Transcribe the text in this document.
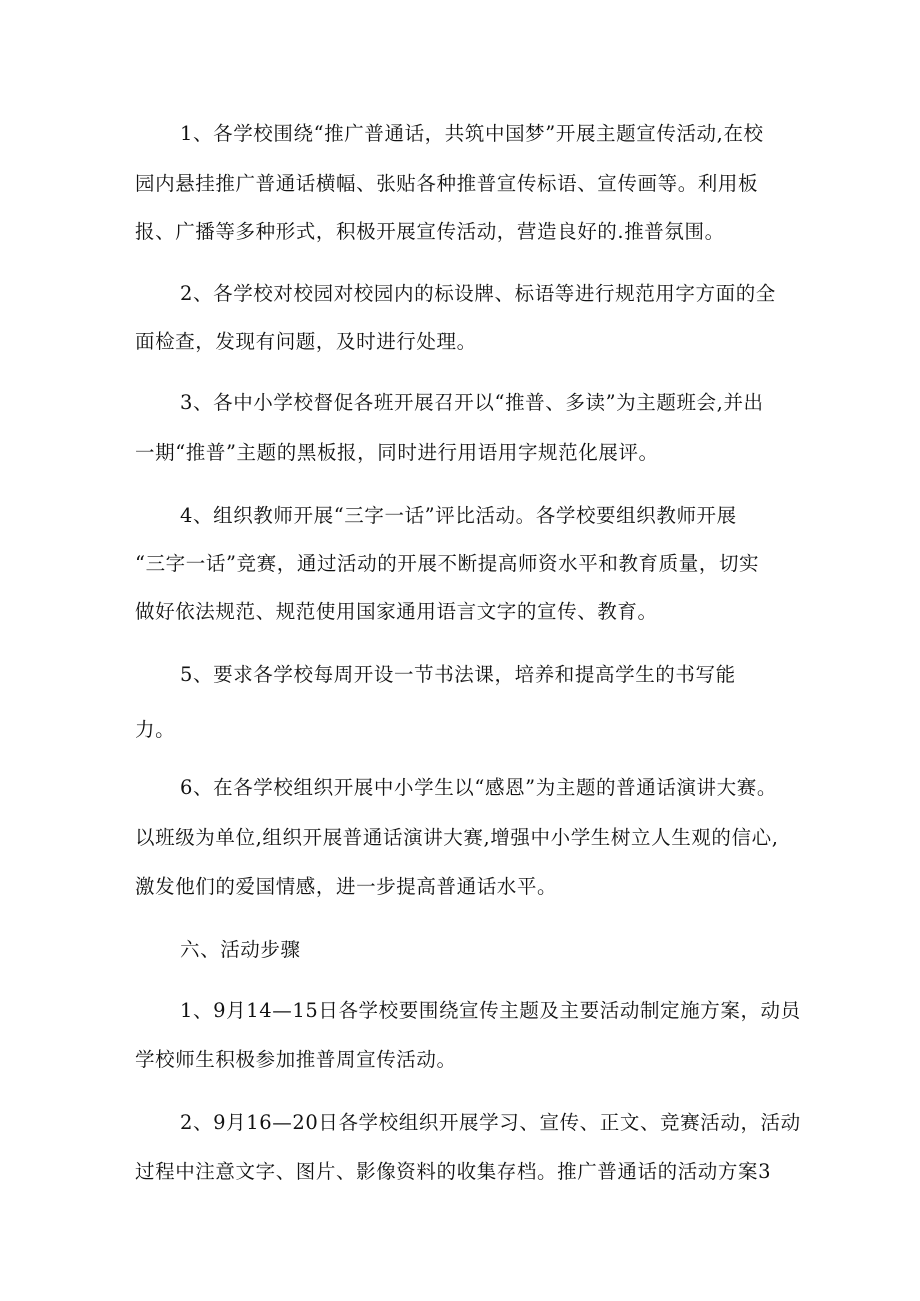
1、各学校围绕“推广普通话，共筑中国梦”开展主题宣传活动,在校
园内悬挂推广普通话横幅、张贴各种推普宣传标语、宣传画等。利用板
报、广播等多种形式，积极开展宣传活动，营造良好的.推普氛围。
2、各学校对校园对校园内的标设牌、标语等进行规范用字方面的全
面检查，发现有问题，及时进行处理。
3、各中小学校督促各班开展召开以“推普、多读”为主题班会,并出
一期“推普”主题的黑板报，同时进行用语用字规范化展评。
4、组织教师开展“三字一话”评比活动。各学校要组织教师开展
“三字一话”竞赛，通过活动的开展不断提高师资水平和教育质量，切实
做好依法规范、规范使用国家通用语言文字的宣传、教育。
5、要求各学校每周开设一节书法课，培养和提高学生的书写能
力。
6、在各学校组织开展中小学生以“感恩”为主题的普通话演讲大赛。
以班级为单位,组织开展普通话演讲大赛,增强中小学生树立人生观的信心,
激发他们的爱国情感，进一步提高普通话水平。
六、活动步骤
1、9月14—15日各学校要围绕宣传主题及主要活动制定施方案，动员
学校师生积极参加推普周宣传活动。
2、9月16—20日各学校组织开展学习、宣传、正文、竞赛活动，活动
过程中注意文字、图片、影像资料的收集存档。推广普通话的活动方案3
